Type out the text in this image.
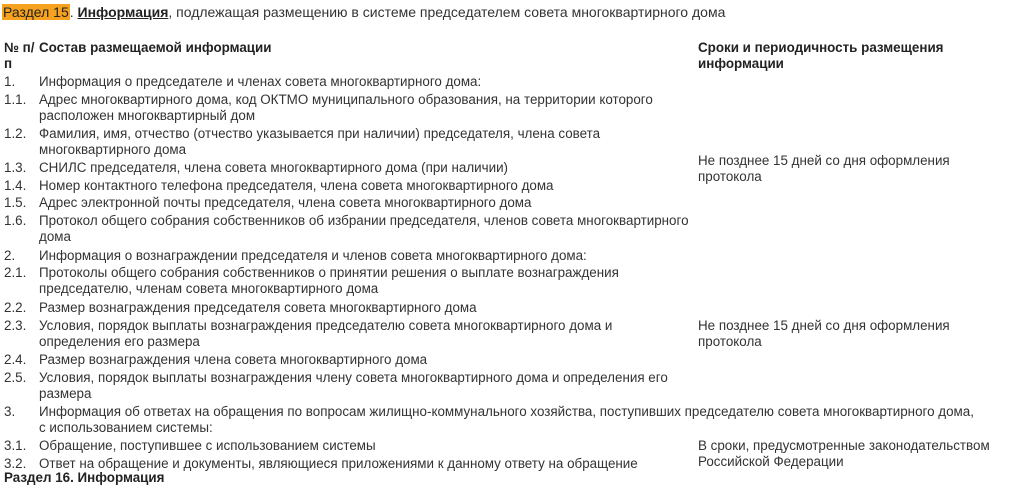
Раздел 15. Информация, подлежащая размещению в системе председателем совета многоквартирного дома
№ п/ п
Состав размещаемой информации	Сроки и периодичность размещения информации
1. Информация о председателе и членах совета многоквартирного дома:
1.1. Адрес многоквартирного дома, код ОКТМО муниципального образования, на территории которого расположен многоквартирный дом
1.2. Фамилия, имя, отчество (отчество указывается при наличии) председателя, члена совета многоквартирного дома
1.3. СНИЛС председателя, члена совета многоквартирного дома (при наличии)
1.4. Номер контактного телефона председателя, члена совета многоквартирного дома
1.5. Адрес электронной почты председателя, члена совета многоквартирного дома
1.6. Протокол общего собрания собственников об избрании председателя, членов совета многоквартирного дома
2. Информация о вознаграждении председателя и членов совета многоквартирного дома:
2.1. Протоколы общего собрания собственников о принятии решения о выплате вознаграждения председателю, членам совета многоквартирного дома
2.2. Размер вознаграждения председателя совета многоквартирного дома
2.3. Условия, порядок выплаты вознаграждения председателю совета многоквартирного дома и определения его размера
2.4. Размер вознаграждения члена совета многоквартирного дома
2.5. Условия, порядок выплаты вознаграждения члену совета многоквартирного дома и определения его размера
3. Информация об ответах на обращения по вопросам жилищно-коммунального хозяйства, поступивших председателю совета многоквартирного дома, с использованием системы:
3.1. Обращение, поступившее с использованием системы
3.2. Ответ на обращение и документы, являющиеся приложениями к данному ответу на обращение
Не позднее 15 дней со дня оформления протокола
Не позднее 15 дней со дня оформления протокола
В сроки, предусмотренные законодательством Российской Федерации
Раздел 16. Информация
